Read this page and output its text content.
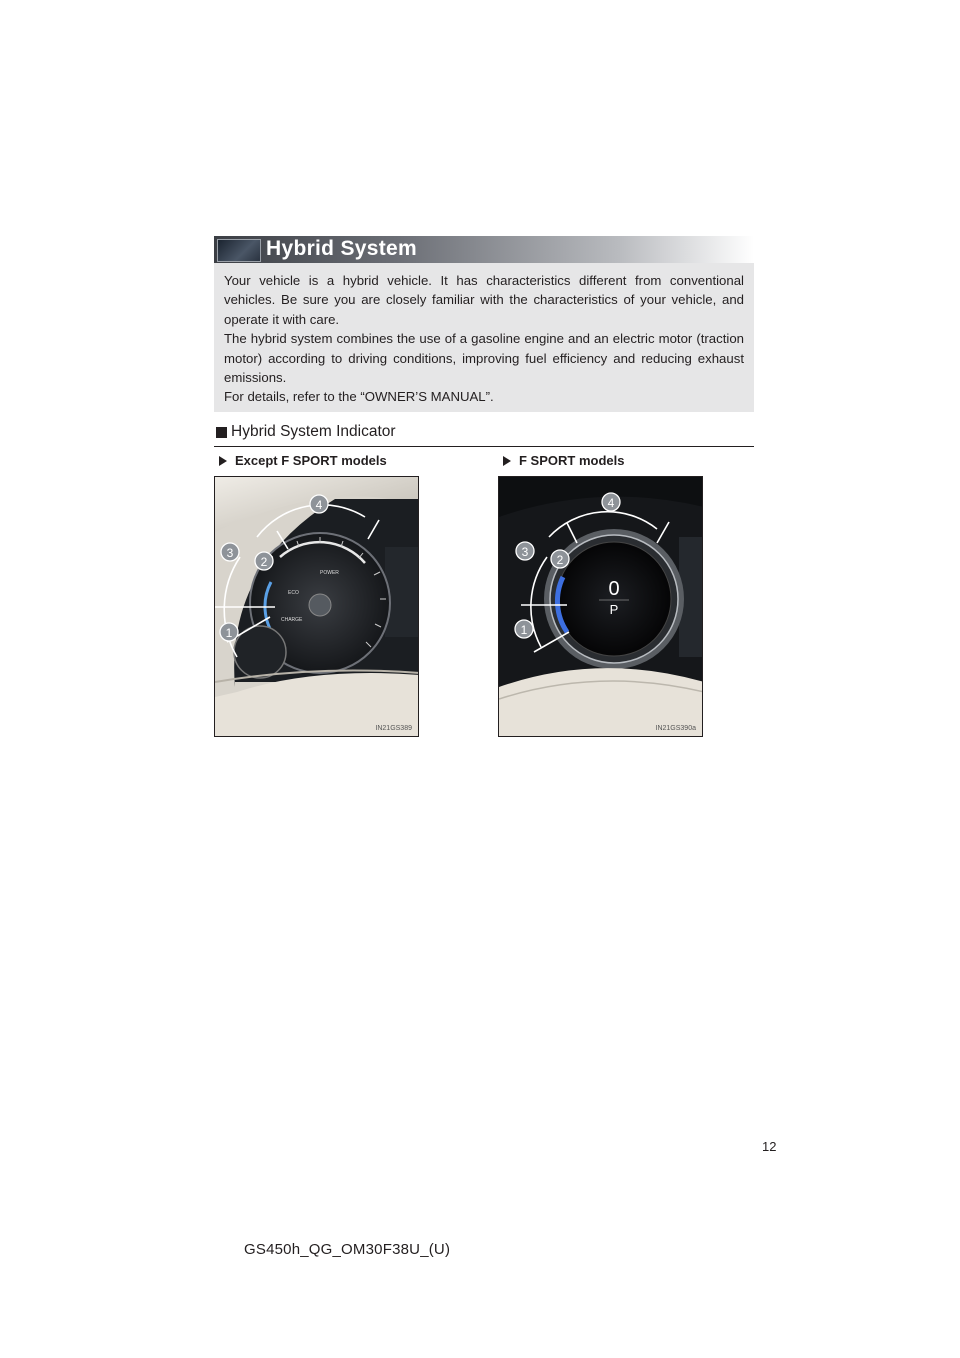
Hybrid System

Your vehicle is a hybrid vehicle. It has characteristics different from conventional vehicles. Be sure you are closely familiar with the characteristics of your vehicle, and operate it with care.

The hybrid system combines the use of a gasoline engine and an electric motor (traction motor) according to driving conditions, improving fuel efficiency and reducing exhaust emissions.

For details, refer to the “OWNER’S MANUAL”.

Hybrid System Indicator
Except F SPORT models	F SPORT models
POWER
ECO
CHARGE
4
3
2
1
IN21GS389
0
P
4
3
2
1
IN21GS390a
12
GS450h_QG_OM30F38U_(U)
